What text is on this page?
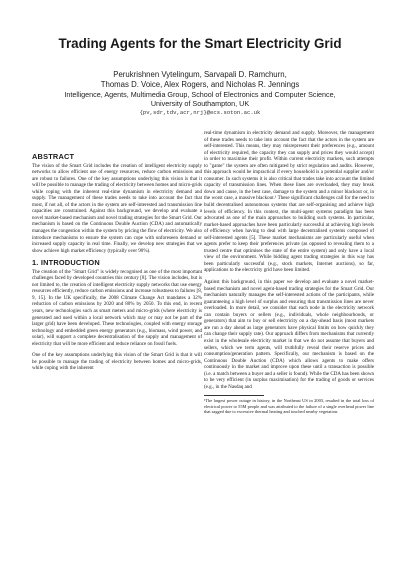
Trading Agents for the Smart Electricity Grid
Perukrishnen Vytelingum, Sarvapali D. Ramchurn,
Thomas D. Voice, Alex Rogers, and Nicholas R. Jennings
Intelligence, Agents, Multimedia Group, School of Electronics and Computer Science,
University of Southampton, UK
{pv,sdr,tdv,acr,nrj}@ecs.soton.ac.uk
ABSTRACT

The vision of the Smart Grid includes the creation of intelligent electricity supply networks to allow efficient use of energy resources, reduce carbon emissions and are robust to failures. One of the key assumptions underlying this vision is that it will be possible to manage the trading of electricity between homes and micro-grids while coping with the inherent real-time dynamism in electricity demand and supply. The management of these trades needs to take into account the fact that most, if not all, of the actors in the system are self-interested and transmission line capacities are constrained. Against this background, we develop and evaluate a novel market-based mechanism and novel trading strategies for the Smart Grid. Our mechanism is based on the Continuous Double Auction (CDA) and automatically manages the congestion within the system by pricing the flow of electricity. We also introduce mechanisms to ensure the system can cope with unforeseen demand or increased supply capacity in real time. Finally, we develop new strategies that we show achieve high market efficiency (typically over 90%).

1. INTRODUCTION

The creation of the "Smart Grid" is widely recognised as one of the most important challenges faced by developed countries this century [8]. The vision includes, but is not limited to, the creation of intelligent electricity supply networks that use energy resources efficiently, reduce carbon emissions and increase robustness to failures [8, 9, 15]. In the UK specifically, the 2008 Climate Change Act mandates a 32% reduction of carbon emissions by 2020 and 80% by 2050. To this end, in recent years, new technologies such as smart meters and micro-grids (where electricity is generated and used within a local network which may or may not be part of the larger grid) have been developed. These technologies, coupled with energy storage technology and embedded green energy generators (e.g., biomass, wind power, and solar), will support a complete decentralisation of the supply and management of electricity that will be more efficient and reduce reliance on fossil fuels.

One of the key assumptions underlying this vision of the Smart Grid is that it will be possible to manage the trading of electricity between homes and micro-grids, while coping with the inherent

real-time dynamism in electricity demand and supply. Moreover, the management of these trades needs to take into account the fact that the actors in the system are self-interested. This means, they may misrepresent their preferences (e.g., amount of electricity required, the capacity they can supply and prices they would accept) in order to maximise their profit. Within current electricity markets, such attempts to "game" the system are often mitigated by strict regulation and audits. However, this approach would be impractical if every household is a potential supplier and/or consumer. In such systems it is also critical that trades take into account the limited capacity of transmission lines. When these lines are overloaded, they may break down and cause, in the best case, damage to the system and a minor blackout or, in the worst case, a massive blackout.¹ These significant challenges call for the need to build decentralised autonomous systems that are self-organising and achieve high levels of efficiency. In this context, the multi-agent systems paradigm has been advocated as one of the main approaches to building such systems. In particular, market-based approaches have been particularly successful at achieving high levels of efficiency when having to deal with large decentralised systems composed of self-interested agents [5]. These market mechanisms are particularly useful when agents prefer to keep their preferences private (as opposed to revealing them to a trusted centre that optimises the state of the entire system) and only have a local view of the environment. While bidding agent trading strategies in this way has been particularly successful (e.g., stock markets, Internet auctions), so far, applications to the electricity grid have been limited.

Against this background, in this paper we develop and evaluate a novel market-based mechanism and novel agent-based trading strategies for the Smart Grid. Our mechanism naturally manages the self-interested actions of the participants, while guaranteeing a high level of surplus and ensuring that transmission lines are never overloaded. In more detail, we consider that each node in the electricity network can contain buyers or sellers (e.g., individuals, whole neighbourhoods, or generators) that aim to buy or sell electricity on a day-ahead basis (most markets are run a day ahead as large generators have physical limits on how quickly they can change their supply rate). Our approach differs from mechanisms that currently exist in the wholesale electricity market in that we do not assume that buyers and sellers, which we term agents, will truthfully reveal their reserve prices and consumption/generation pattern. Specifically, our mechanism is based on the Continuous Double Auction (CDA) which allows agents to make offers continuously in the market and improve upon these until a transaction is possible (i.e. a match between a buyer and a seller is found). While the CDA has been shown to be very efficient (in surplus maximisation) for the trading of goods or services (e.g., in the Nasdaq and

¹The largest power outage in history, in the Northeast US in 2003, resulted in the total loss of electrical power to 55M people and was attributed to the failure of a single overhead power line that sagged due to excessive thermal heating and touched nearby vegetation.
